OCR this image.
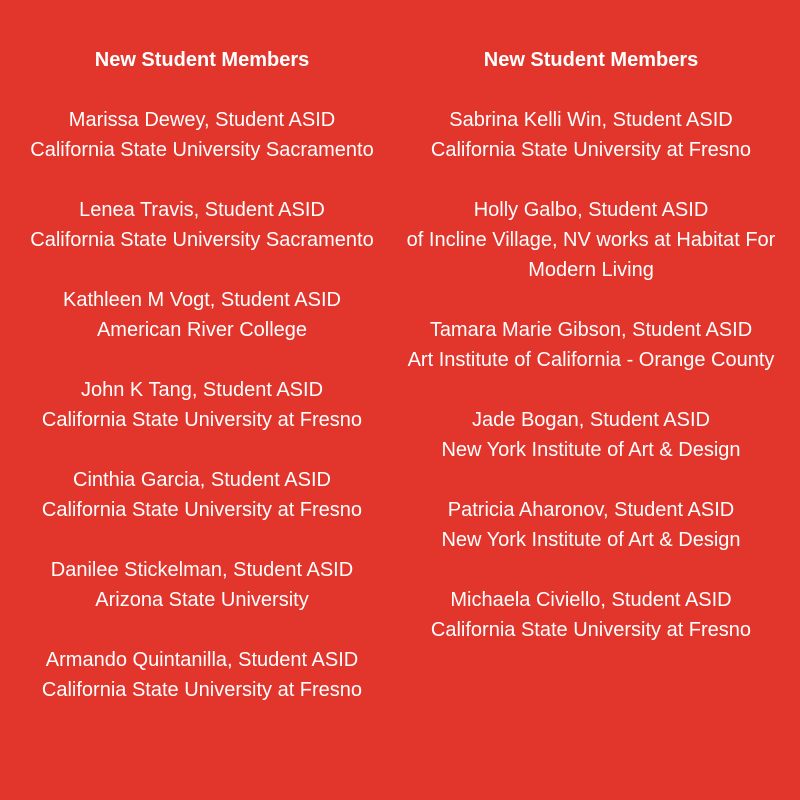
New Student Members
Marissa Dewey, Student ASID
California State University Sacramento
Lenea Travis, Student ASID
California State University Sacramento
Kathleen M Vogt, Student ASID
American River College
John K Tang, Student ASID
California State University at Fresno
Cinthia Garcia, Student ASID
California State University at Fresno
Danilee Stickelman, Student ASID
Arizona State University
Armando Quintanilla, Student ASID
California State University at Fresno
New Student Members
Sabrina Kelli Win, Student ASID
California State University at Fresno
Holly Galbo, Student ASID
of Incline Village, NV works at Habitat For Modern Living
Tamara Marie Gibson, Student ASID
Art Institute of California - Orange County
Jade Bogan, Student ASID
New York Institute of Art & Design
Patricia Aharonov, Student ASID
New York Institute of Art & Design
Michaela Civiello, Student ASID
California State University at Fresno
